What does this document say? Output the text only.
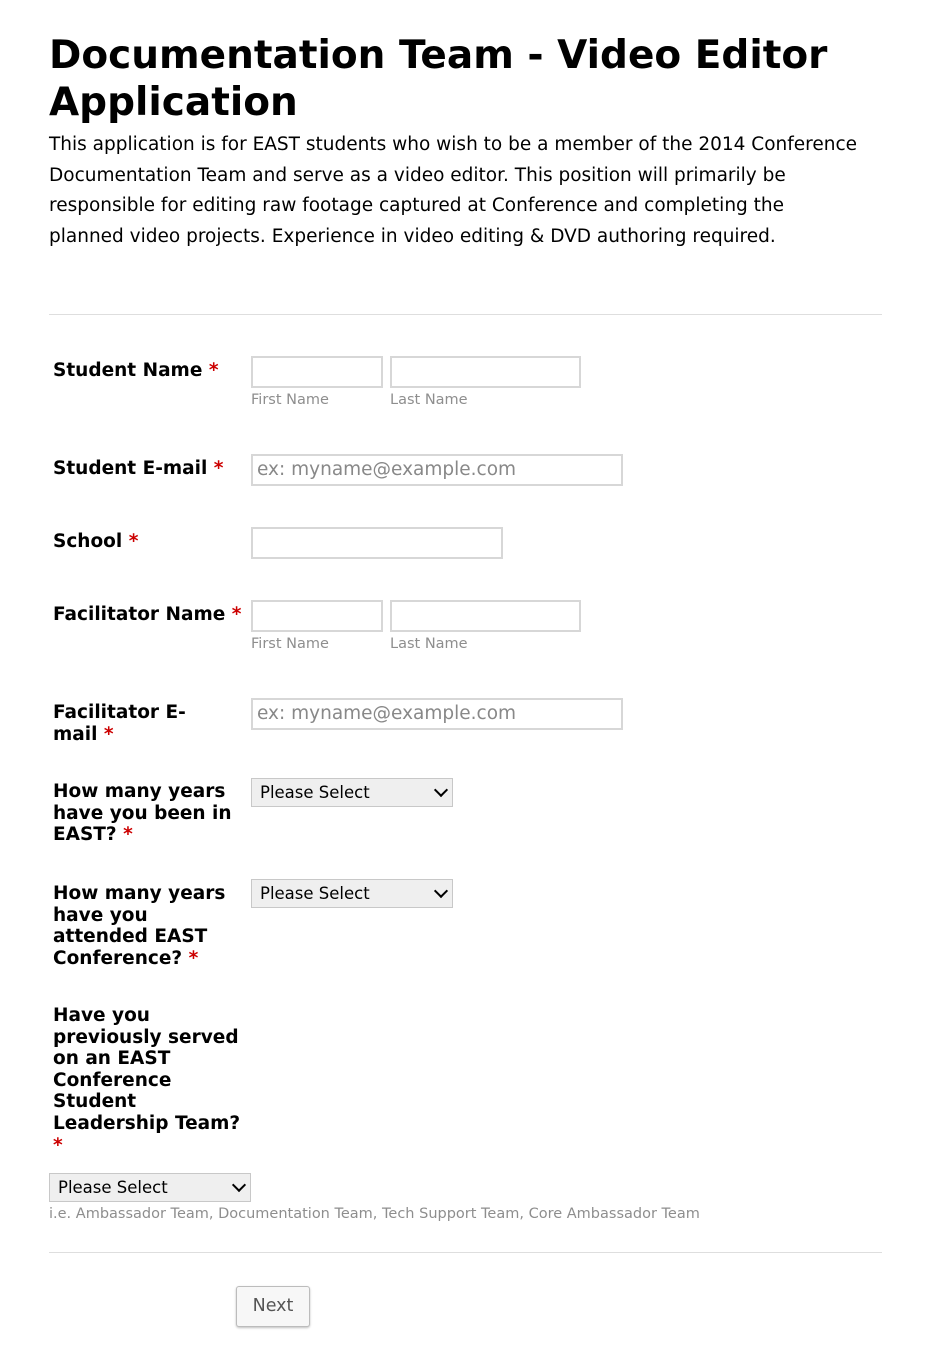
Documentation Team - Video Editor Application

This application is for EAST students who wish to be a member of the 2014 Conference Documentation Team and serve as a video editor. This position will primarily be responsible for editing raw footage captured at Conference and completing the planned video projects. Experience in video editing & DVD authoring required.

Student Name *
First Name	Last Name
Student E-mail *	ex: myname@example.com
School *
Facilitator Name *
First Name	Last Name
Facilitator E-mail *
ex: myname@example.com
How many years have you been in EAST? *
Please Select
How many years have you attended EAST Conference? *
Please Select
Have you previously served on an EAST Conference Student Leadership Team? *
Please Select
i.e. Ambassador Team, Documentation Team, Tech Support Team, Core Ambassador Team
Next
